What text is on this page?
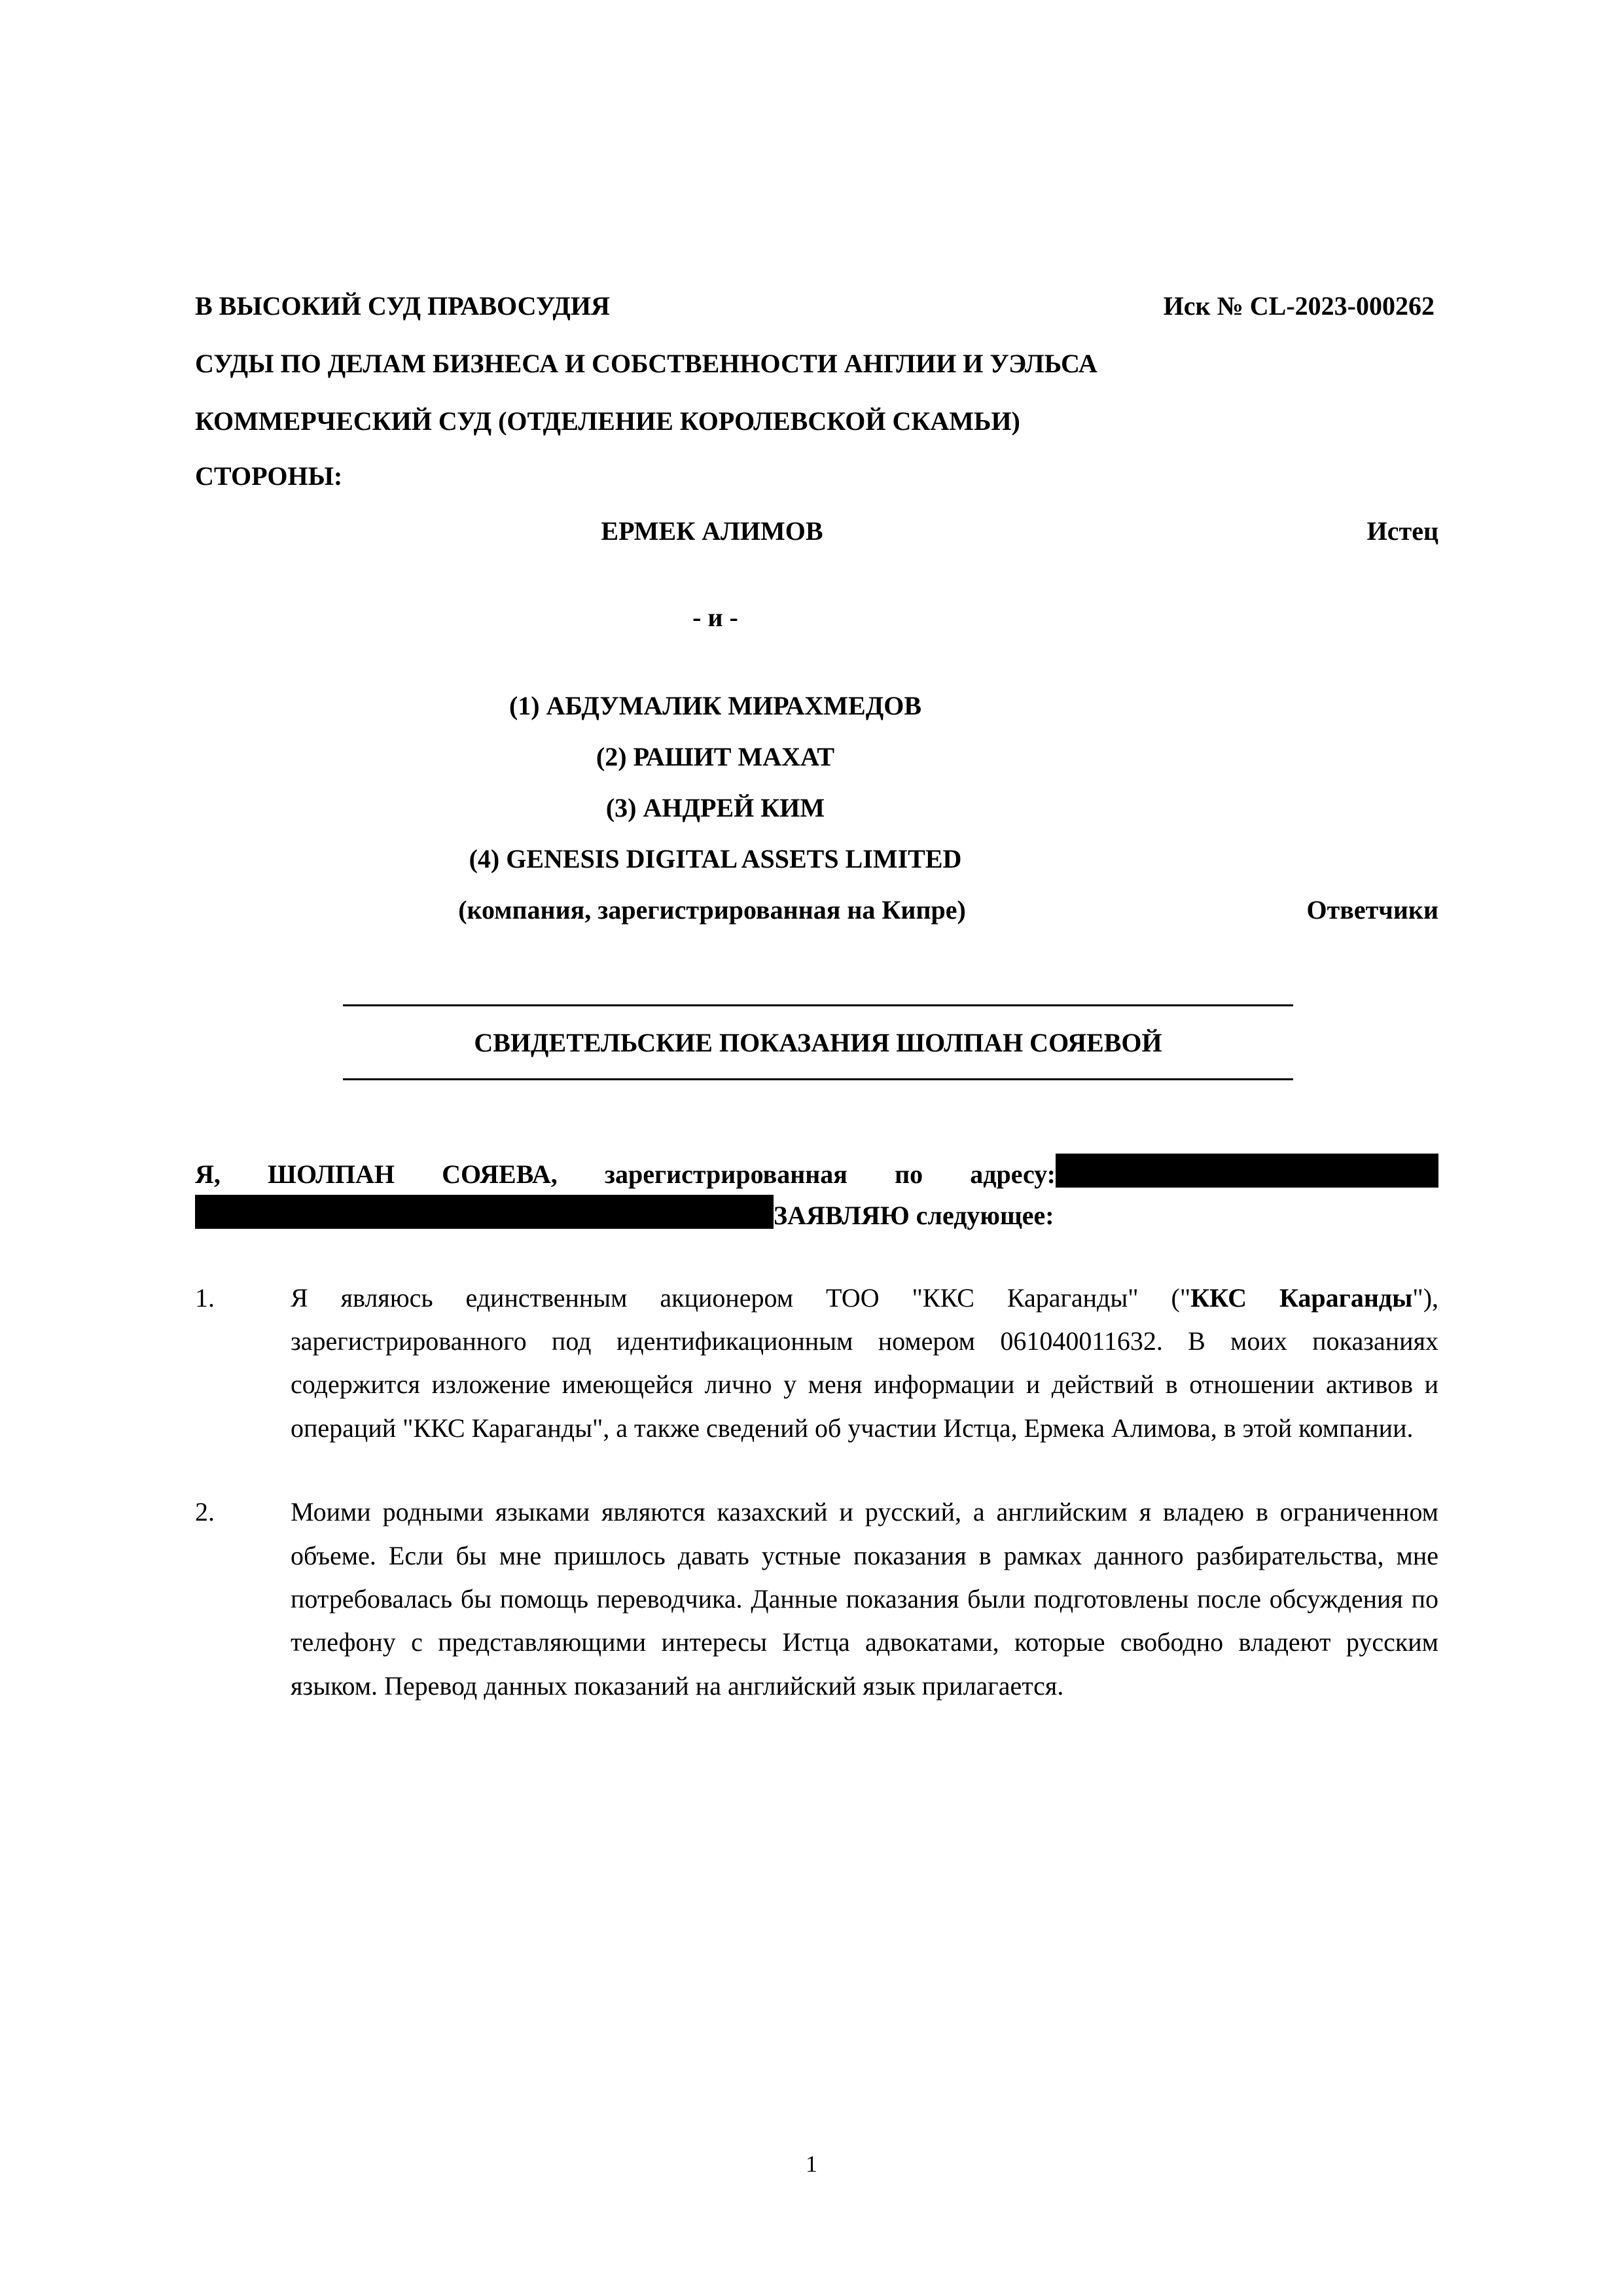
В ВЫСОКИЙ СУД ПРАВОСУДИЯ	Иск № CL-2023-000262
СУДЫ ПО ДЕЛАМ БИЗНЕСА И СОБСТВЕННОСТИ АНГЛИИ И УЭЛЬСА
КОММЕРЧЕСКИЙ СУД (ОТДЕЛЕНИЕ КОРОЛЕВСКОЙ СКАМЬИ)
СТОРОНЫ:
ЕРМЕК АЛИМОВ	Истец
- и -
(1) АБДУМАЛИК МИРАХМЕДОВ
(2) РАШИТ МАХАТ
(3) АНДРЕЙ КИМ
(4) GENESIS DIGITAL ASSETS LIMITED
(компания, зарегистрированная на Кипре)	Ответчики
СВИДЕТЕЛЬСКИЕ ПОКАЗАНИЯ ШОЛПАН СОЯЕВОЙ

Я, ШОЛПАН СОЯЕВА, зарегистрированная по адресу:ЗАЯВЛЯЮ следующее:

1.	Я являюсь единственным акционером ТОО "ККС Караганды" ("ККС Караганды"), зарегистрированного под идентификационным номером 061040011632. В моих показаниях содержится изложение имеющейся лично у меня информации и действий в отношении активов и операций "ККС Караганды", а также сведений об участии Истца, Ермека Алимова, в этой компании.
2.	Моими родными языками являются казахский и русский, а английским я владею в ограниченном объеме. Если бы мне пришлось давать устные показания в рамках данного разбирательства, мне потребовалась бы помощь переводчика. Данные показания были подготовлены после обсуждения по телефону с представляющими интересы Истца адвокатами, которые свободно владеют русским языком. Перевод данных показаний на английский язык прилагается.
1
